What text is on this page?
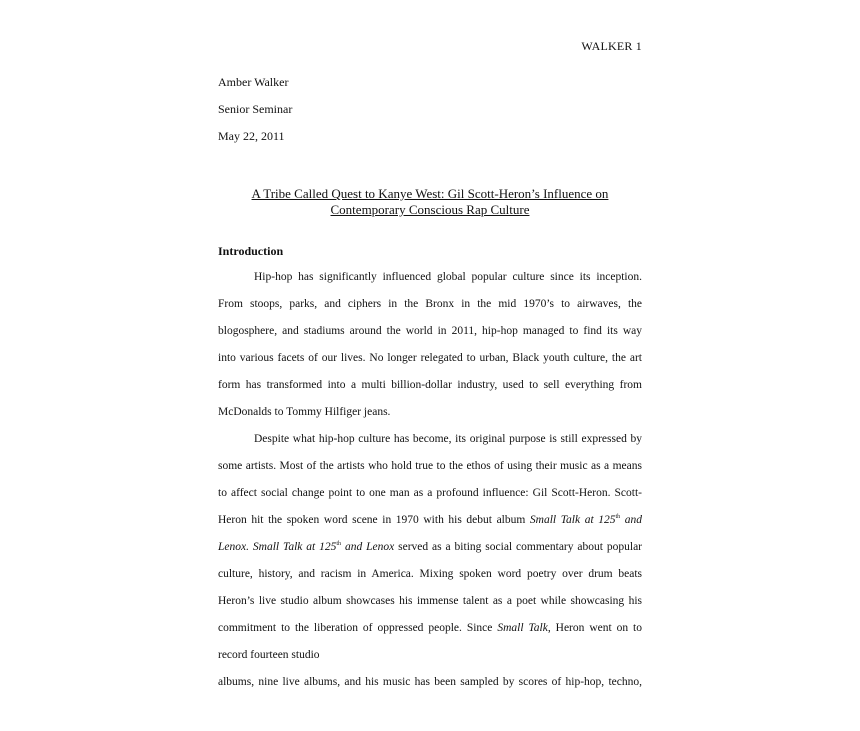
WALKER 1
Amber Walker
Senior Seminar
May 22, 2011
A Tribe Called Quest to Kanye West: Gil Scott-Heron’s Influence on
Contemporary Conscious Rap Culture
Introduction
Hip-hop has significantly influenced global popular culture since its inception.
From stoops, parks, and ciphers in the Bronx in the mid 1970’s to airwaves, the
blogosphere, and stadiums around the world in 2011, hip-hop managed to find its way
into various facets of our lives. No longer relegated to urban, Black youth culture, the art
form has transformed into a multi billion-dollar industry, used to sell everything from
McDonalds to Tommy Hilfiger jeans.
Despite what hip-hop culture has become, its original purpose is still expressed by
some artists. Most of the artists who hold true to the ethos of using their music as a means
to affect social change point to one man as a profound influence: Gil Scott-Heron. Scott-
Heron hit the spoken word scene in 1970 with his debut album Small Talk at 125th and
Lenox. Small Talk at 125th and Lenox served as a biting social commentary about popular
culture, history, and racism in America. Mixing spoken word poetry over drum beats
Heron’s live studio album showcases his immense talent as a poet while showcasing his
commitment to the liberation of oppressed people. Since Small Talk, Heron went on to
record fourteen studio
albums, nine live albums, and his music has been sampled by scores of hip-hop, techno,
